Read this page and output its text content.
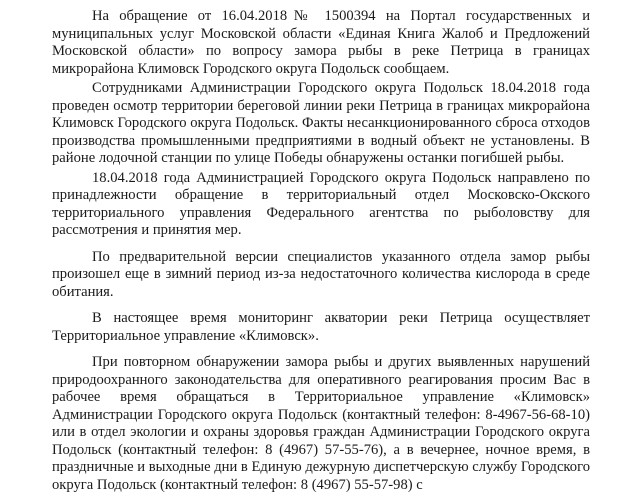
На обращение от 16.04.2018№ 1500394 на Портал государственных и муниципальных услуг Московской области «Единая Книга Жалоб и Предложений Московской области» по вопросу замора рыбы в реке Петрица в границах микрорайона Климовск Городского округа Подольск сообщаем.

Сотрудниками Администрации Городского округа Подольск 18.04.2018 года проведен осмотр территории береговой линии реки Петрица в границах микрорайона Климовск Городского округа Подольск. Факты несанкционированного сброса отходов производства промышленными предприятиями в водный объект не установлены. В районе лодочной станции по улице Победы обнаружены останки погибшей рыбы.

18.04.2018 года Администрацией Городского округа Подольск направлено по принадлежности обращение в территориальный отдел Московско-Окского территориального управления Федерального агентства по рыболовству для рассмотрения и принятия мер.

По предварительной версии специалистов указанного отдела замор рыбы произошел еще в зимний период из-за недостаточного количества кислорода в среде обитания.

В настоящее время мониторинг акватории реки Петрица осуществляет Территориальное управление «Климовск».

При повторном обнаружении замора рыбы и других выявленных нарушений природоохранного законодательства для оперативного реагирования просим Вас в рабочее время обращаться в Территориальное управление «Климовск» Администрации Городского округа Подольск (контактный телефон: 8-4967-56-68-10) или в отдел экологии и охраны здоровья граждан Администрации Городского округа Подольск (контактный телефон: 8 (4967) 57-55-76), а в вечернее, ночное время, в праздничные и выходные дни в Единую дежурную диспетчерскую службу Городского округа Подольск (контактный телефон: 8 (4967) 55-57-98) с
